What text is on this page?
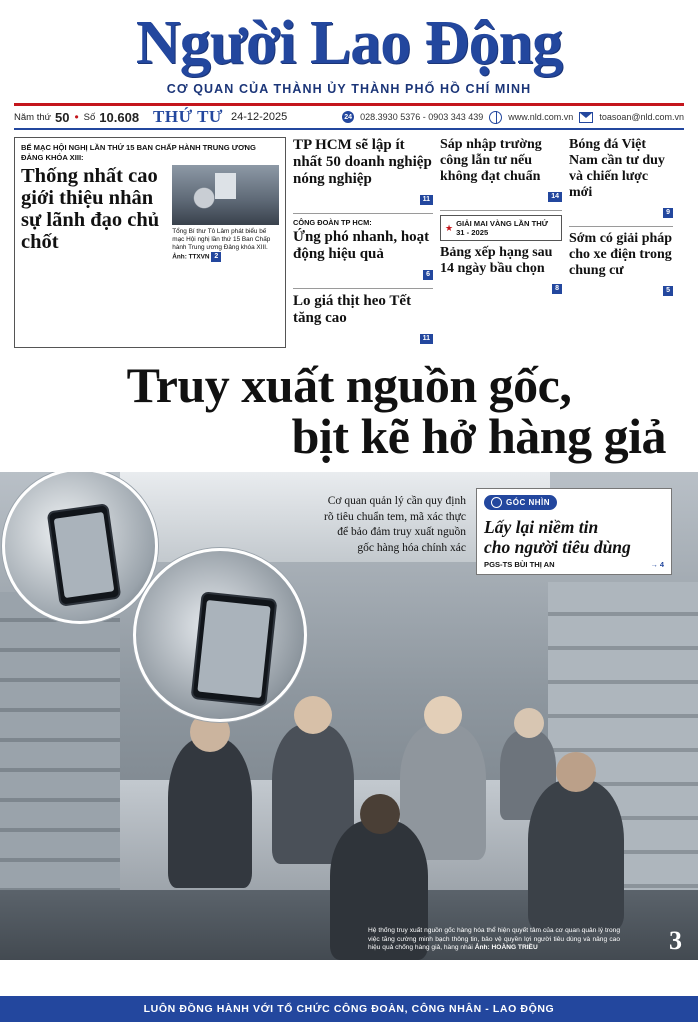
Người Lao Động
CƠ QUAN CỦA THÀNH ỦY THÀNH PHỐ HỒ CHÍ MINH
Năm thứ 50 • Số 10.608 THỨ TƯ 24-12-2025	24 028.3930 5376 - 0903 343 439	www.nld.com.vn	toasoan@nld.com.vn
BẾ MẠC HỘI NGHỊ LẦN THỨ 15 BAN CHẤP HÀNH TRUNG ƯƠNG ĐẢNG KHÓA XIII:
Thống nhất cao giới thiệu nhân sự lãnh đạo chủ chốt	Tổng Bí thư Tô Lâm phát biểu bế mạc Hội nghị lần thứ 15 Ban Chấp hành Trung ương Đảng khóa XIII. Ảnh: TTXVN 2
TP HCM sẽ lập ít nhất 50 doanh nghiệp nóng nghiệp
11
CÔNG ĐOÀN TP HCM:
Ứng phó nhanh, hoạt động hiệu quả
6
Lo giá thịt heo Tết tăng cao
11
Sáp nhập trường công lẫn tư nếu không đạt chuẩn
14
★ GIẢI MAI VÀNG LẦN THỨ 31 - 2025
Bảng xếp hạng sau 14 ngày bầu chọn
8
Bóng đá Việt Nam cần tư duy và chiến lược mới
9
Sớm có giải pháp cho xe điện trong chung cư
5
Truy xuất nguồn gốc,
bịt kẽ hở hàng giả
Cơ quan quản lý cần quy định rõ tiêu chuẩn tem, mã xác thực để bảo đảm truy xuất nguồn gốc hàng hóa chính xác
GÓC NHÌN
Lấy lại niềm tin
cho người tiêu dùng
PGS-TS BÙI THỊ AN	→ 4
Hệ thống truy xuất nguồn gốc hàng hóa thể hiện quyết tâm của cơ quan quản lý trong việc tăng cường minh bạch thông tin, bảo vệ quyền lợi người tiêu dùng và nâng cao hiệu quả chống hàng giả, hàng nhái Ảnh: HOÀNG TRIỀU	3
LUÔN ĐỒNG HÀNH VỚI TỔ CHỨC CÔNG ĐOÀN, CÔNG NHÂN - LAO ĐỘNG
